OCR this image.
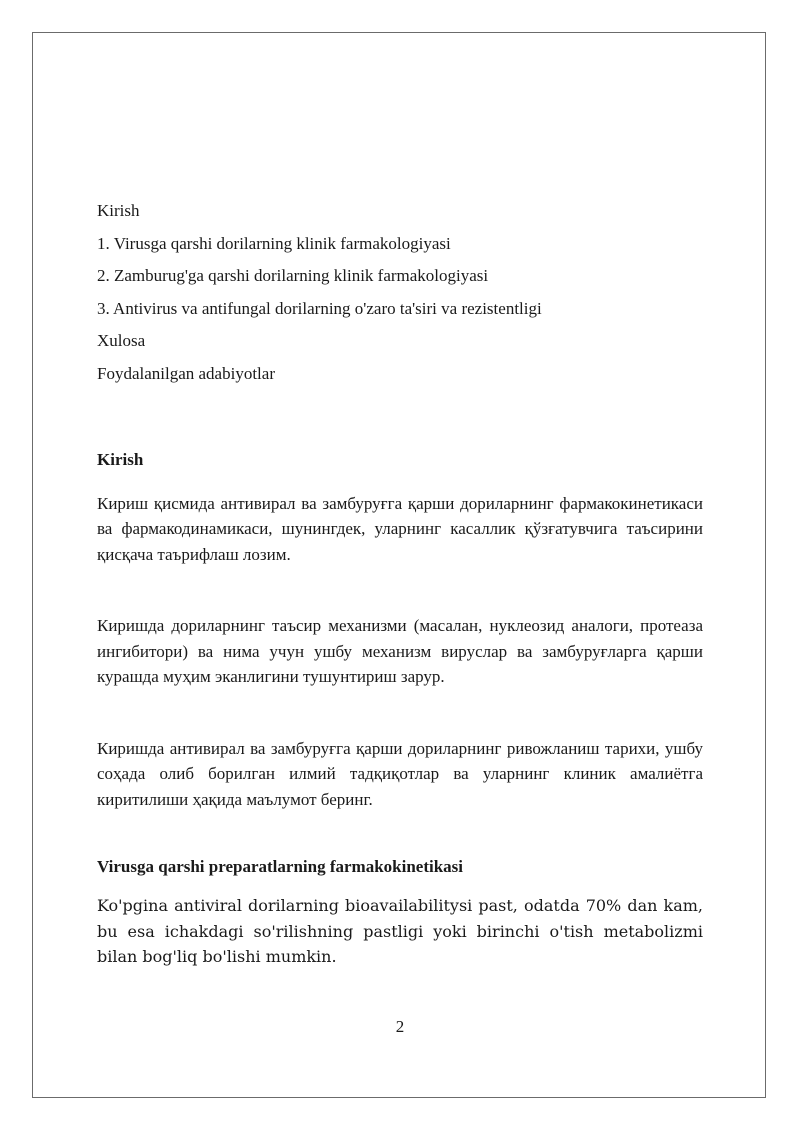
Kirish
1. Virusga qarshi dorilarning klinik farmakologiyasi
2. Zamburug'ga qarshi dorilarning klinik farmakologiyasi
3. Antivirus va antifungal dorilarning o'zaro ta'siri va rezistentligi
Xulosa
Foydalanilgan adabiyotlar
Kirish
Кириш қисмида антивирал ва замбуруғга қарши дориларнинг фармакокинетикаси ва фармакодинамикаси, шунингдек, уларнинг касаллик қўзғатувчига таъсирини қисқача таърифлаш лозим.
Киришда дориларнинг таъсир механизми (масалан, нуклеозид аналоги, протеаза ингибитори) ва нима учун ушбу механизм вируслар ва замбуруғларга қарши курашда муҳим эканлигини тушунтириш зарур.
Киришда антивирал ва замбуруғга қарши дориларнинг ривожланиш тарихи, ушбу соҳада олиб борилган илмий тадқиқотлар ва уларнинг клиник амалиётга киритилиши ҳақида маълумот беринг.
Virusga qarshi preparatlarning farmakokinetikasi
Ko'pgina antiviral dorilarning bioavailabilitysi past, odatda 70% dan kam, bu esa ichakdagi so'rilishning pastligi yoki birinchi o'tish metabolizmi bilan bog'liq bo'lishi mumkin.
2
